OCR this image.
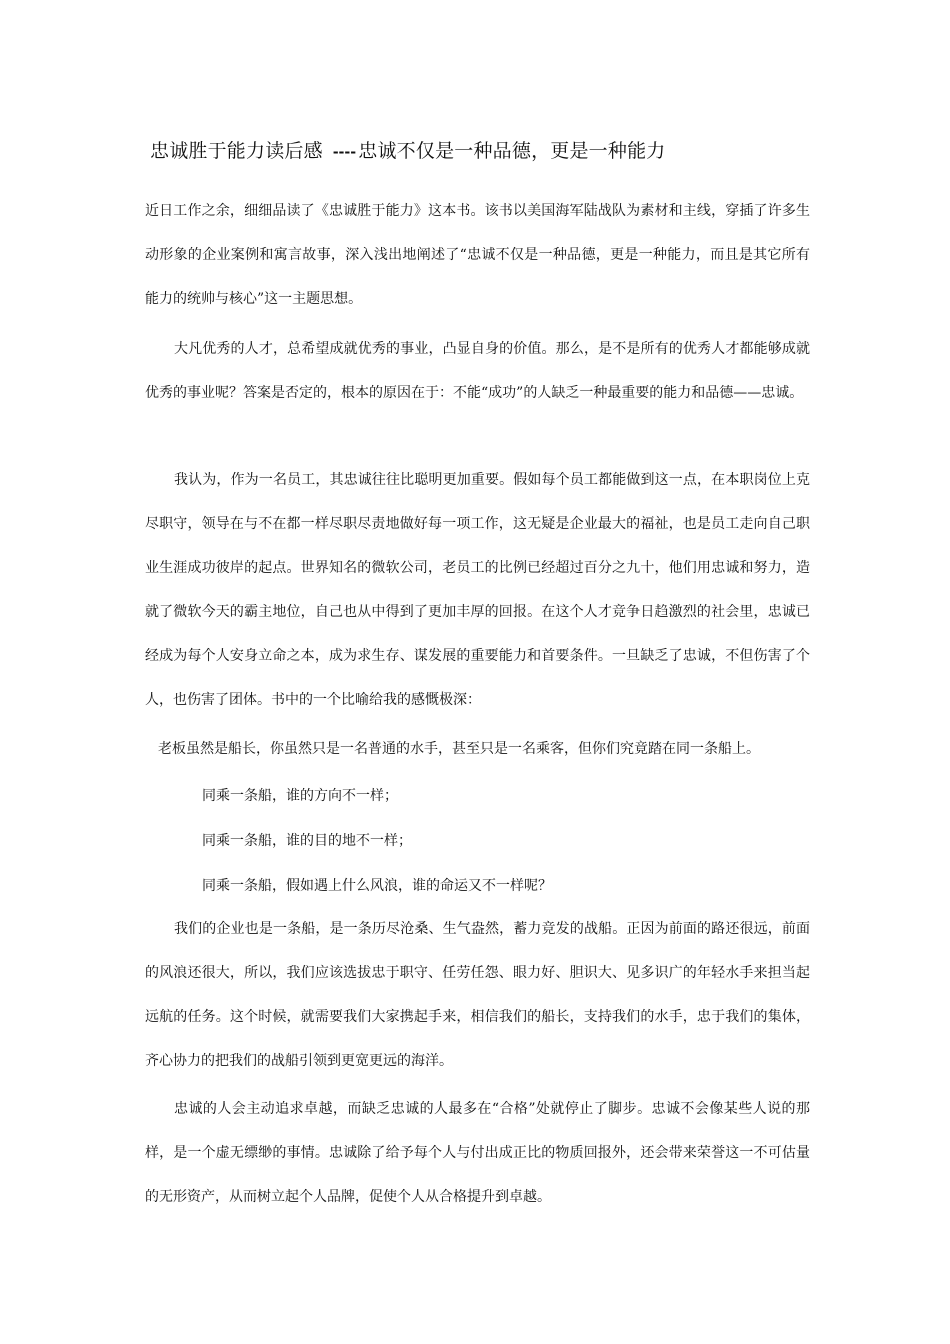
忠诚胜于能力读后感 ---- 忠诚不仅是一种品德，更是一种能力

近日工作之余，细细品读了《忠诚胜于能力》这本书。该书以美国海军陆战队为素材和主线，穿插了许多生动形象的企业案例和寓言故事，深入浅出地阐述了“忠诚不仅是一种品德，更是一种能力，而且是其它所有能力的统帅与核心”这一主题思想。

大凡优秀的人才，总希望成就优秀的事业，凸显自身的价值。那么，是不是所有的优秀人才都能够成就优秀的事业呢？答案是否定的，根本的原因在于：不能“成功”的人缺乏一种最重要的能力和品德——忠诚。

我认为，作为一名员工，其忠诚往往比聪明更加重要。假如每个员工都能做到这一点，在本职岗位上克尽职守，领导在与不在都一样尽职尽责地做好每一项工作，这无疑是企业最大的福祉，也是员工走向自己职业生涯成功彼岸的起点。世界知名的微软公司，老员工的比例已经超过百分之九十，他们用忠诚和努力，造就了微软今天的霸主地位，自己也从中得到了更加丰厚的回报。在这个人才竞争日趋激烈的社会里，忠诚已经成为每个人安身立命之本，成为求生存、谋发展的重要能力和首要条件。一旦缺乏了忠诚，不但伤害了个人，也伤害了团体。书中的一个比喻给我的感慨极深：

老板虽然是船长，你虽然只是一名普通的水手，甚至只是一名乘客，但你们究竟踏在同一条船上。
同乘一条船，谁的方向不一样；
同乘一条船，谁的目的地不一样；
同乘一条船，假如遇上什么风浪，谁的命运又不一样呢？

我们的企业也是一条船，是一条历尽沧桑、生气盎然，蓄力竞发的战船。正因为前面的路还很远，前面的风浪还很大，所以，我们应该选拔忠于职守、任劳任怨、眼力好、胆识大、见多识广的年轻水手来担当起远航的任务。这个时候，就需要我们大家携起手来，相信我们的船长，支持我们的水手，忠于我们的集体，齐心协力的把我们的战船引领到更宽更远的海洋。

忠诚的人会主动追求卓越，而缺乏忠诚的人最多在“合格”处就停止了脚步。忠诚不会像某些人说的那样，是一个虚无缥缈的事情。忠诚除了给予每个人与付出成正比的物质回报外，还会带来荣誉这一不可估量的无形资产，从而树立起个人品牌，促使个人从合格提升到卓越。
